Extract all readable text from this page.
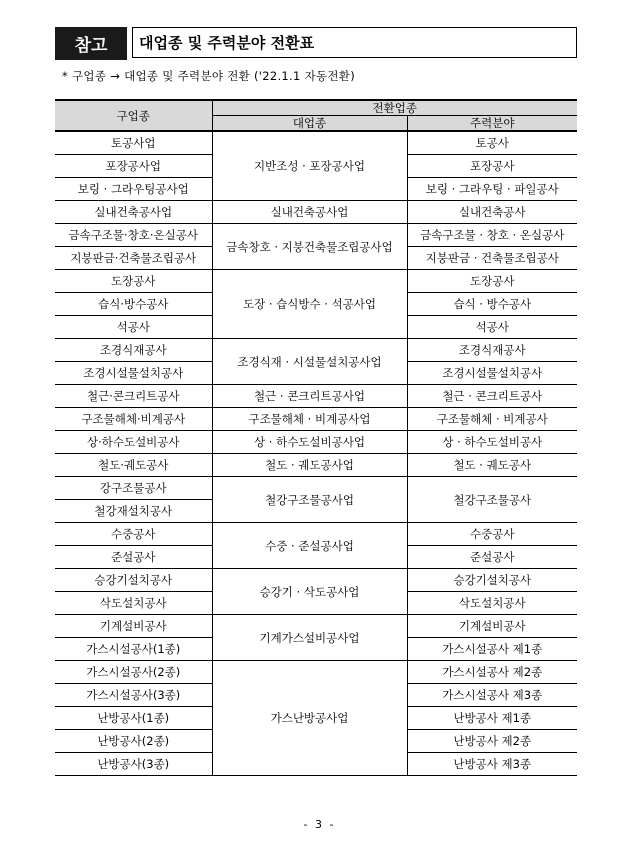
참고	대업종 및 주력분야 전환표
* 구업종 → 대업종 및 주력분야 전환 ('22.1.1 자동전환)
구업종	전환업종	
	대업종	주력분야
토공사업	지반조성 · 포장공사업	토공사
포장공사업		포장공사
보링 · 그라우팅공사업		보링 · 그라우팅 · 파일공사
실내건축공사업	실내건축공사업	실내건축공사
금속구조물·창호·온실공사	금속창호 · 지붕건축물조립공사업	금속구조물 · 창호 · 온실공사
지붕판금·건축물조립공사		지붕판금 · 건축물조립공사
도장공사	도장 · 습식방수 · 석공사업	도장공사
습식·방수공사		습식 · 방수공사
석공사		석공사
조경식재공사	조경식재 · 시설물설치공사업	조경식재공사
조경시설물설치공사		조경시설물설치공사
철근·콘크리트공사	철근 · 콘크리트공사업	철근 · 콘크리트공사
구조물해체·비계공사	구조물해체 · 비계공사업	구조물해체 · 비계공사
상·하수도설비공사	상 · 하수도설비공사업	상 · 하수도설비공사
철도·궤도공사	철도 · 궤도공사업	철도 · 궤도공사
강구조물공사	철강구조물공사업	철강구조물공사
철강재설치공사		
수중공사	수중 · 준설공사업	수중공사
준설공사		준설공사
승강기설치공사	승강기 · 삭도공사업	승강기설치공사
삭도설치공사		삭도설치공사
기계설비공사	기계가스설비공사업	기계설비공사
가스시설공사(1종)		가스시설공사 제1종
가스시설공사(2종)	가스난방공사업	가스시설공사 제2종
가스시설공사(3종)		가스시설공사 제3종
난방공사(1종)		난방공사 제1종
난방공사(2종)		난방공사 제2종
난방공사(3종)		난방공사 제3종
- 3 -
